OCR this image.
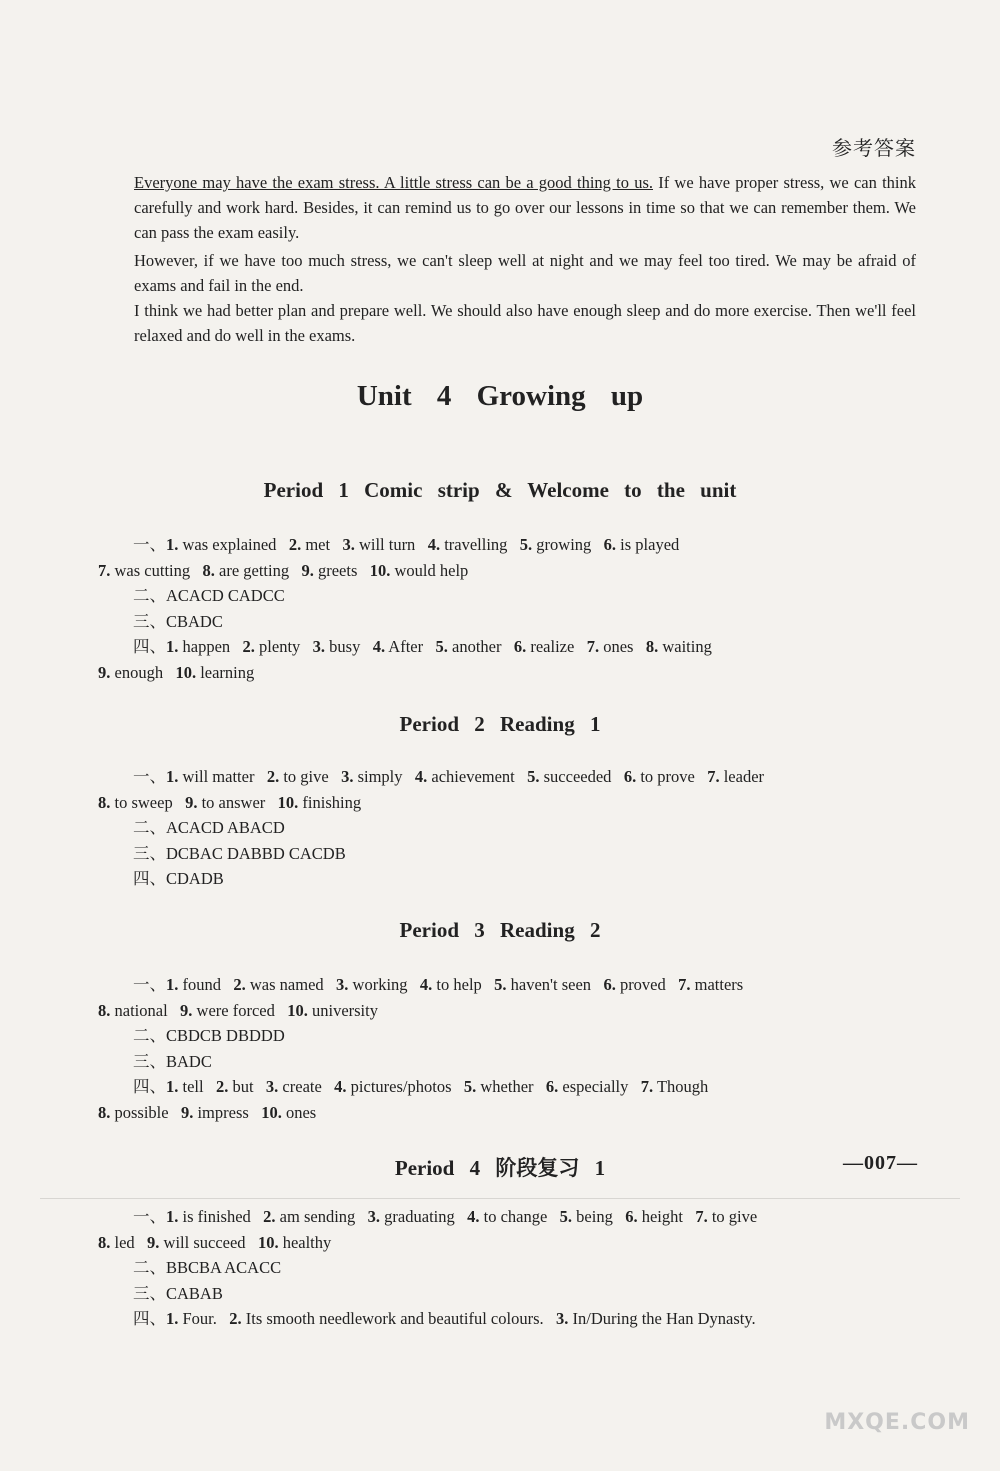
参考答案
Everyone may have the exam stress. A little stress can be a good thing to us. If we have proper stress, we can think carefully and work hard. Besides, it can remind us to go over our lessons in time so that we can remember them. We can pass the exam easily.
However, if we have too much stress, we can't sleep well at night and we may feel too tired. We may be afraid of exams and fail in the end.
I think we had better plan and prepare well. We should also have enough sleep and do more exercise. Then we'll feel relaxed and do well in the exams.
Unit 4 Growing up
Period 1 Comic strip & Welcome to the unit
一、1. was explained 2. met 3. will turn 4. travelling 5. growing 6. is played
7. was cutting 8. are getting 9. greets 10. would help
二、ACACD CADCC
三、CBADC
四、1. happen 2. plenty 3. busy 4. After 5. another 6. realize 7. ones 8. waiting
9. enough 10. learning
Period 2 Reading 1
一、1. will matter 2. to give 3. simply 4. achievement 5. succeeded 6. to prove 7. leader
8. to sweep 9. to answer 10. finishing
二、ACACD ABACD
三、DCBAC DABBD CACDB
四、CDADB
Period 3 Reading 2
一、1. found 2. was named 3. working 4. to help 5. haven't seen 6. proved 7. matters
8. national 9. were forced 10. university
二、CBDCB DBDDD
三、BADC
四、1. tell 2. but 3. create 4. pictures/photos 5. whether 6. especially 7. Though
8. possible 9. impress 10. ones
Period 4 阶段复习 1
一、1. is finished 2. am sending 3. graduating 4. to change 5. being 6. height 7. to give
8. led 9. will succeed 10. healthy
二、BBCBA ACACC
三、CABAB
四、1. Four. 2. Its smooth needlework and beautiful colours. 3. In/During the Han Dynasty.
—007—
MXQE.COM
